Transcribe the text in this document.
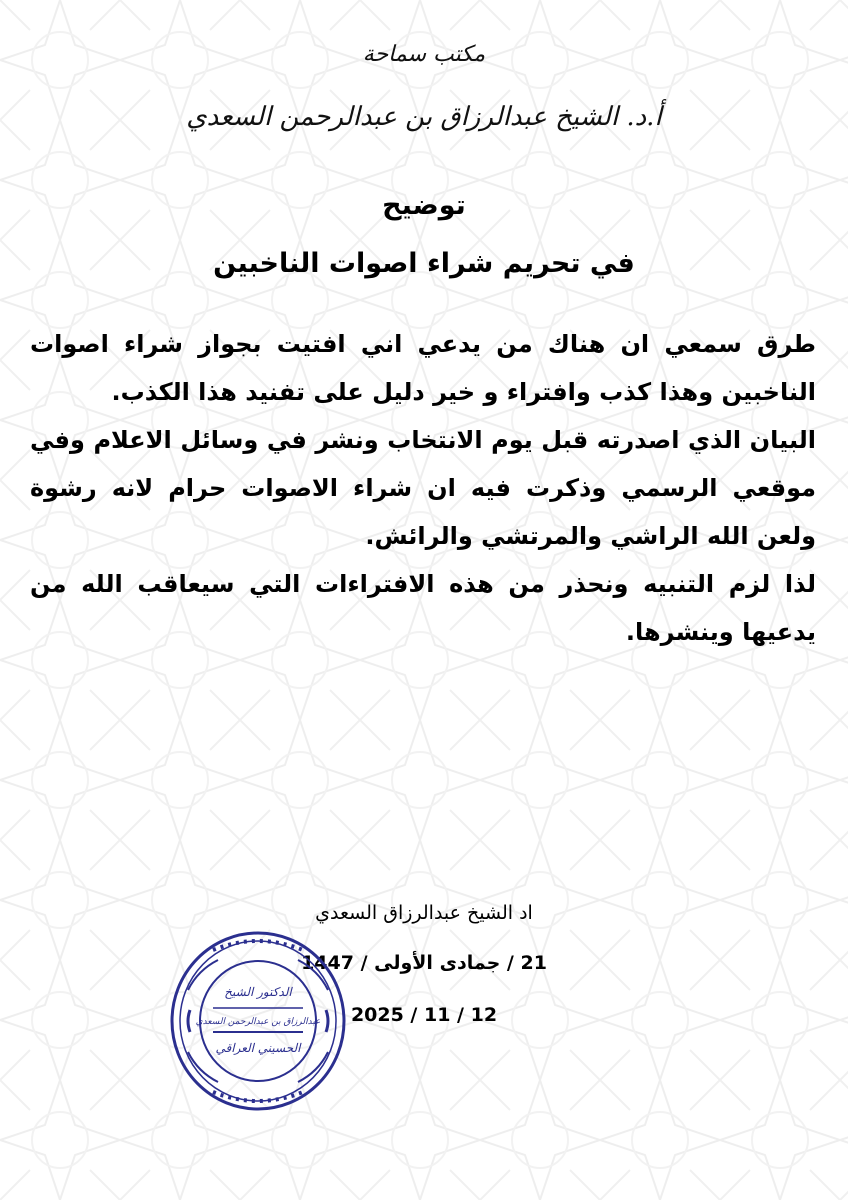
مكتب سماحة
أ.د. الشيخ عبدالرزاق بن عبدالرحمن السعدي
توضيح
في تحريم شراء اصوات الناخبين

طرق سمعي ان هناك من يدعي اني افتيت بجواز شراء اصوات الناخبين وهذا كذب وافتراء و خير دليل على تفنيد هذا الكذب.

البيان الذي اصدرته قبل يوم الانتخاب ونشر في وسائل الاعلام وفي موقعي الرسمي وذكرت فيه ان شراء الاصوات حرام لانه رشوة ولعن الله الراشي والمرتشي والرائش.

لذا لزم التنبيه ونحذر من هذه الافتراءات التي سيعاقب الله من يدعيها وينشرها.

اد الشيخ عبدالرزاق السعدي
21 / جمادى الأولى / 1447
2025 / 11 / 12
الدكتور الشيخ
عبدالرزاق بن عبدالرحمن السعدي
الحسيني العراقي
